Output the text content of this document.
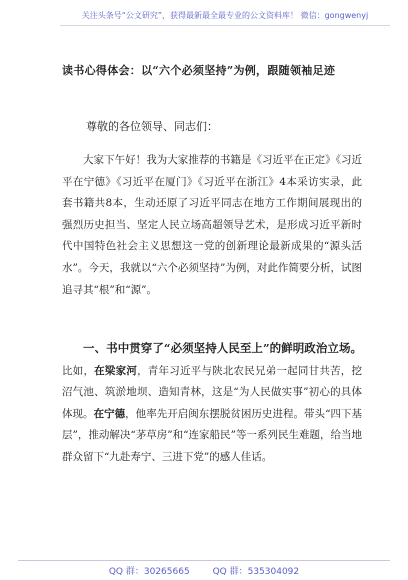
关注头条号“公文研究”，获得最新最全最专业的公文资料库！ 微信：gongwenyj
读书心得体会：以“六个必须坚持”为例，跟随领袖足迹
尊敬的各位领导、同志们：
大家下午好！我为大家推荐的书籍是《习近平在正定》《习近平在宁德》《习近平在厦门》《习近平在浙江》4本采访实录，此套书籍共8本，生动还原了习近平同志在地方工作期间展现出的强烈历史担当、坚定人民立场高超领导艺术，是形成习近平新时代中国特色社会主义思想这一党的创新理论最新成果的“源头活水”。今天，我就以“六个必须坚持”为例，对此作简要分析，试图追寻其“根”和“源”。
一、书中贯穿了“必须坚持人民至上”的鲜明政治立场。比如，在梁家河，青年习近平与陕北农民兄弟一起同甘共苦，挖沼气池、筑淤地坝、造知青林，这是“为人民做实事”初心的具体体现。在宁德，他率先开启闽东摆脱贫困历史进程。带头“四下基层”，推动解决“茅草房”和“连家船民”等一系列民生难题，给当地群众留下“九赴寿宁、三进下党”的感人佳话。
QQ 群：30265665	QQ 群：535304092
